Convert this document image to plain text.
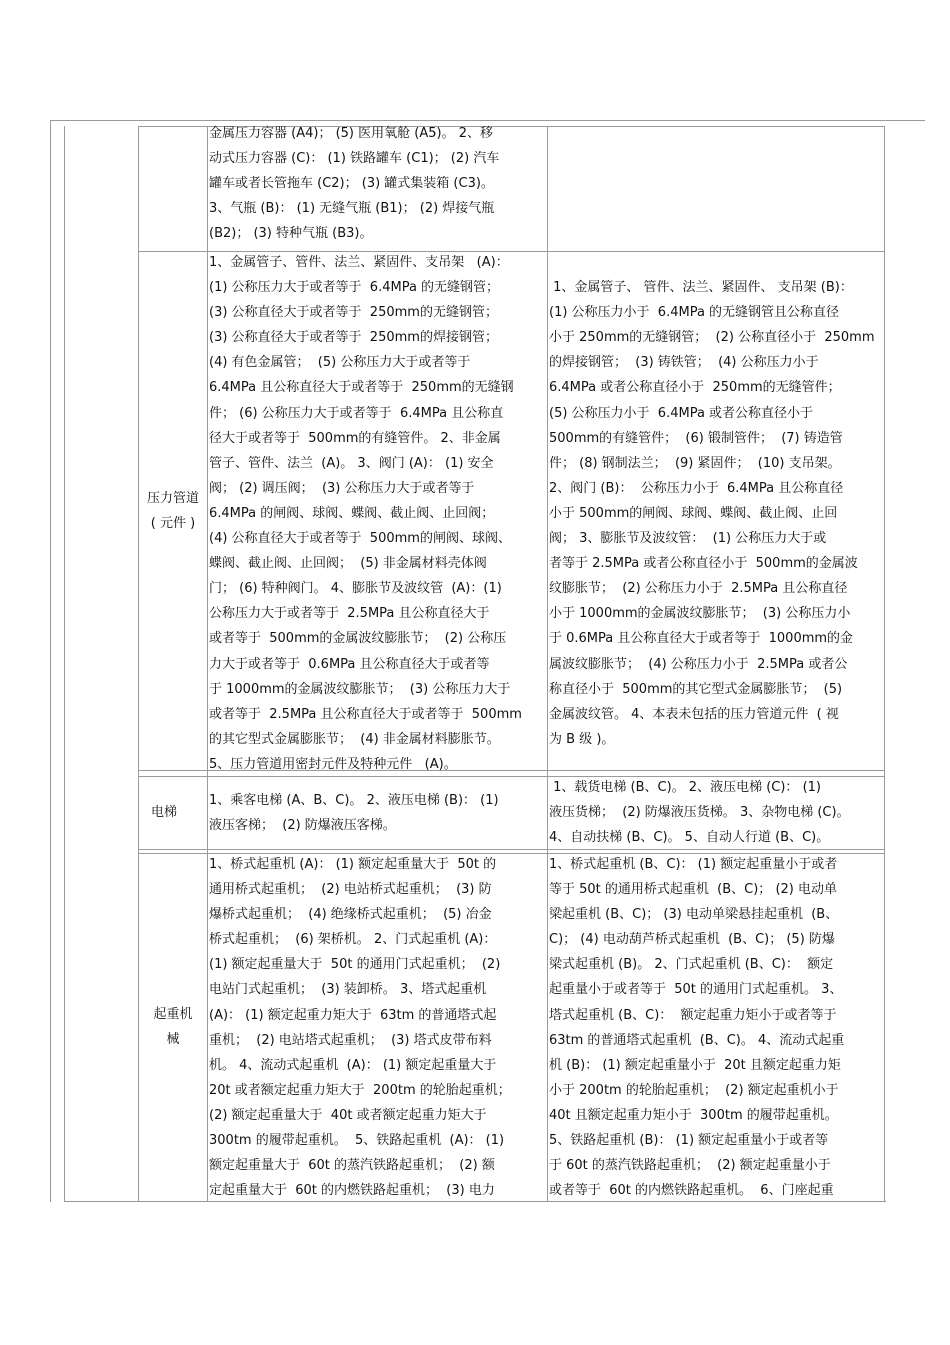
金属压力容器 (A4)； (5) 医用氧舱 (A5)。 2、移
动式压力容器 (C)： (1) 铁路罐车 (C1)； (2) 汽车
罐车或者长管拖车 (C2)； (3) 罐式集装箱 (C3)。
3、气瓶 (B)： (1) 无缝气瓶 (B1)； (2) 焊接气瓶
(B2)； (3) 特种气瓶 (B3)。
压力管道
( 元件 )
1、金属管子、管件、法兰、紧固件、支吊架   (A)：
(1) 公称压力大于或者等于  6.4MPa 的无缝钢管；
(3) 公称直径大于或者等于  250mm的无缝钢管；
(3) 公称直径大于或者等于  250mm的焊接钢管；
(4) 有色金属管；  (5) 公称压力大于或者等于
6.4MPa 且公称直径大于或者等于  250mm的无缝钢
件； (6) 公称压力大于或者等于  6.4MPa 且公称直
径大于或者等于  500mm的有缝管件。 2、非金属
管子、管件、法兰  (A)。 3、阀门 (A)： (1) 安全
阀； (2) 调压阀；  (3) 公称压力大于或者等于
6.4MPa 的闸阀、球阀、蝶阀、截止阀、止回阀；
(4) 公称直径大于或者等于  500mm的闸阀、球阀、
蝶阀、截止阀、止回阀；  (5) 非金属材料壳体阀
门； (6) 特种阀门。 4、膨胀节及波纹管  (A)：(1)
公称压力大于或者等于  2.5MPa 且公称直径大于
或者等于  500mm的金属波纹膨胀节；  (2) 公称压
力大于或者等于  0.6MPa 且公称直径大于或者等
于 1000mm的金属波纹膨胀节；  (3) 公称压力大于
或者等于  2.5MPa 且公称直径大于或者等于  500mm
的其它型式金属膨胀节；  (4) 非金属材料膨胀节。
5、压力管道用密封元件及特种元件   (A)。

1、金属管子、 管件、法兰、紧固件、 支吊架 (B)：
(1) 公称压力小于  6.4MPa 的无缝钢管且公称直径
小于 250mm的无缝钢管；  (2) 公称直径小于  250mm
的焊接钢管；  (3) 铸铁管；  (4) 公称压力小于
6.4MPa 或者公称直径小于  250mm的无缝管件；
(5) 公称压力小于  6.4MPa 或者公称直径小于
500mm的有缝管件；  (6) 锻制管件；  (7) 铸造管
件； (8) 钢制法兰；  (9) 紧固件；  (10) 支吊架。
2、阀门 (B)：  公称压力小于  6.4MPa 且公称直径
小于 500mm的闸阀、球阀、蝶阀、截止阀、止回
阀； 3、膨胀节及波纹管：  (1) 公称压力大于或
者等于 2.5MPa 或者公称直径小于  500mm的金属波
纹膨胀节；  (2) 公称压力小于  2.5MPa 且公称直径
小于 1000mm的金属波纹膨胀节；  (3) 公称压力小
于 0.6MPa 且公称直径大于或者等于  1000mm的金
属波纹膨胀节；  (4) 公称压力小于  2.5MPa 或者公
称直径小于  500mm的其它型式金属膨胀节；  (5)
金属波纹管。 4、本表未包括的压力管道元件  ( 视
为 B 级 )。
电梯

1、乘客电梯 (A、B、C)。 2、液压电梯 (B)： (1)
液压客梯；  (2) 防爆液压客梯。
1、载货电梯 (B、C)。 2、液压电梯 (C)： (1)
液压货梯；  (2) 防爆液压货梯。 3、杂物电梯 (C)。
4、自动扶梯 (B、C)。 5、自动人行道 (B、C)。
起重机
械
1、桥式起重机 (A)： (1) 额定起重量大于  50t 的
通用桥式起重机；  (2) 电站桥式起重机；  (3) 防
爆桥式起重机；  (4) 绝缘桥式起重机；  (5) 冶金
桥式起重机；  (6) 架桥机。 2、门式起重机 (A)：
(1) 额定起重量大于  50t 的通用门式起重机；  (2)
电站门式起重机；  (3) 装卸桥。 3、塔式起重机
(A)： (1) 额定起重力矩大于  63tm 的普通塔式起
重机；  (2) 电站塔式起重机；  (3) 塔式皮带布料
机。 4、流动式起重机  (A)： (1) 额定起重量大于
20t 或者额定起重力矩大于  200tm 的轮胎起重机；
(2) 额定起重量大于  40t 或者额定起重力矩大于
300tm 的履带起重机。  5、铁路起重机  (A)： (1)
额定起重量大于  60t 的蒸汽铁路起重机；  (2) 额
定起重量大于  60t 的内燃铁路起重机；  (3) 电力
1、桥式起重机 (B、C)： (1) 额定起重量小于或者
等于 50t 的通用桥式起重机  (B、C)； (2) 电动单
梁起重机 (B、C)； (3) 电动单梁悬挂起重机  (B、
C)； (4) 电动葫芦桥式起重机  (B、C)； (5) 防爆
梁式起重机 (B)。 2、门式起重机 (B、C)：  额定
起重量小于或者等于  50t 的通用门式起重机。 3、
塔式起重机 (B、C)：  额定起重力矩小于或者等于
63tm 的普通塔式起重机  (B、C)。 4、流动式起重
机 (B)： (1) 额定起重量小于  20t 且额定起重力矩
小于 200tm 的轮胎起重机；  (2) 额定起重机小于
40t 且额定起重力矩小于  300tm 的履带起重机。
5、铁路起重机 (B)： (1) 额定起重量小于或者等
于 60t 的蒸汽铁路起重机；  (2) 额定起重量小于
或者等于  60t 的内燃铁路起重机。  6、门座起重
